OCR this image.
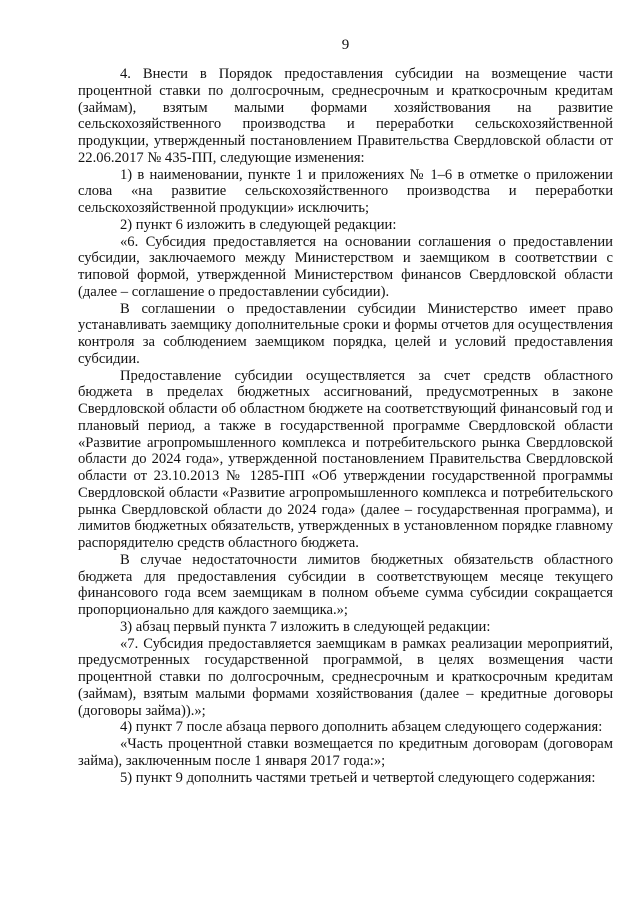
9

4. Внести в Порядок предоставления субсидии на возмещение части процентной ставки по долгосрочным, среднесрочным и краткосрочным кредитам (займам), взятым малыми формами хозяйствования на развитие сельскохозяйственного производства и переработки сельскохозяйственной продукции, утвержденный постановлением Правительства Свердловской области от 22.06.2017 № 435-ПП, следующие изменения:

1) в наименовании, пункте 1 и приложениях № 1–6 в отметке о приложении слова «на развитие сельскохозяйственного производства и переработки сельскохозяйственной продукции» исключить;

2) пункт 6 изложить в следующей редакции:

«6. Субсидия предоставляется на основании соглашения о предоставлении субсидии, заключаемого между Министерством и заемщиком в соответствии с типовой формой, утвержденной Министерством финансов Свердловской области (далее – соглашение о предоставлении субсидии).

В соглашении о предоставлении субсидии Министерство имеет право устанавливать заемщику дополнительные сроки и формы отчетов для осуществления контроля за соблюдением заемщиком порядка, целей и условий предоставления субсидии.

Предоставление субсидии осуществляется за счет средств областного бюджета в пределах бюджетных ассигнований, предусмотренных в законе Свердловской области об областном бюджете на соответствующий финансовый год и плановый период, а также в государственной программе Свердловской области «Развитие агропромышленного комплекса и потребительского рынка Свердловской области до 2024 года», утвержденной постановлением Правительства Свердловской области от 23.10.2013 № 1285-ПП «Об утверждении государственной программы Свердловской области «Развитие агропромышленного комплекса и потребительского рынка Свердловской области до 2024 года» (далее – государственная программа), и лимитов бюджетных обязательств, утвержденных в установленном порядке главному распорядителю средств областного бюджета.

В случае недостаточности лимитов бюджетных обязательств областного бюджета для предоставления субсидии в соответствующем месяце текущего финансового года всем заемщикам в полном объеме сумма субсидии сокращается пропорционально для каждого заемщика.»;

3) абзац первый пункта 7 изложить в следующей редакции:

«7. Субсидия предоставляется заемщикам в рамках реализации мероприятий, предусмотренных государственной программой, в целях возмещения части процентной ставки по долгосрочным, среднесрочным и краткосрочным кредитам (займам), взятым малыми формами хозяйствования (далее – кредитные договоры (договоры займа)).»;

4) пункт 7 после абзаца первого дополнить абзацем следующего содержания:

«Часть процентной ставки возмещается по кредитным договорам (договорам займа), заключенным после 1 января 2017 года:»;

5) пункт 9 дополнить частями третьей и четвертой следующего содержания:
